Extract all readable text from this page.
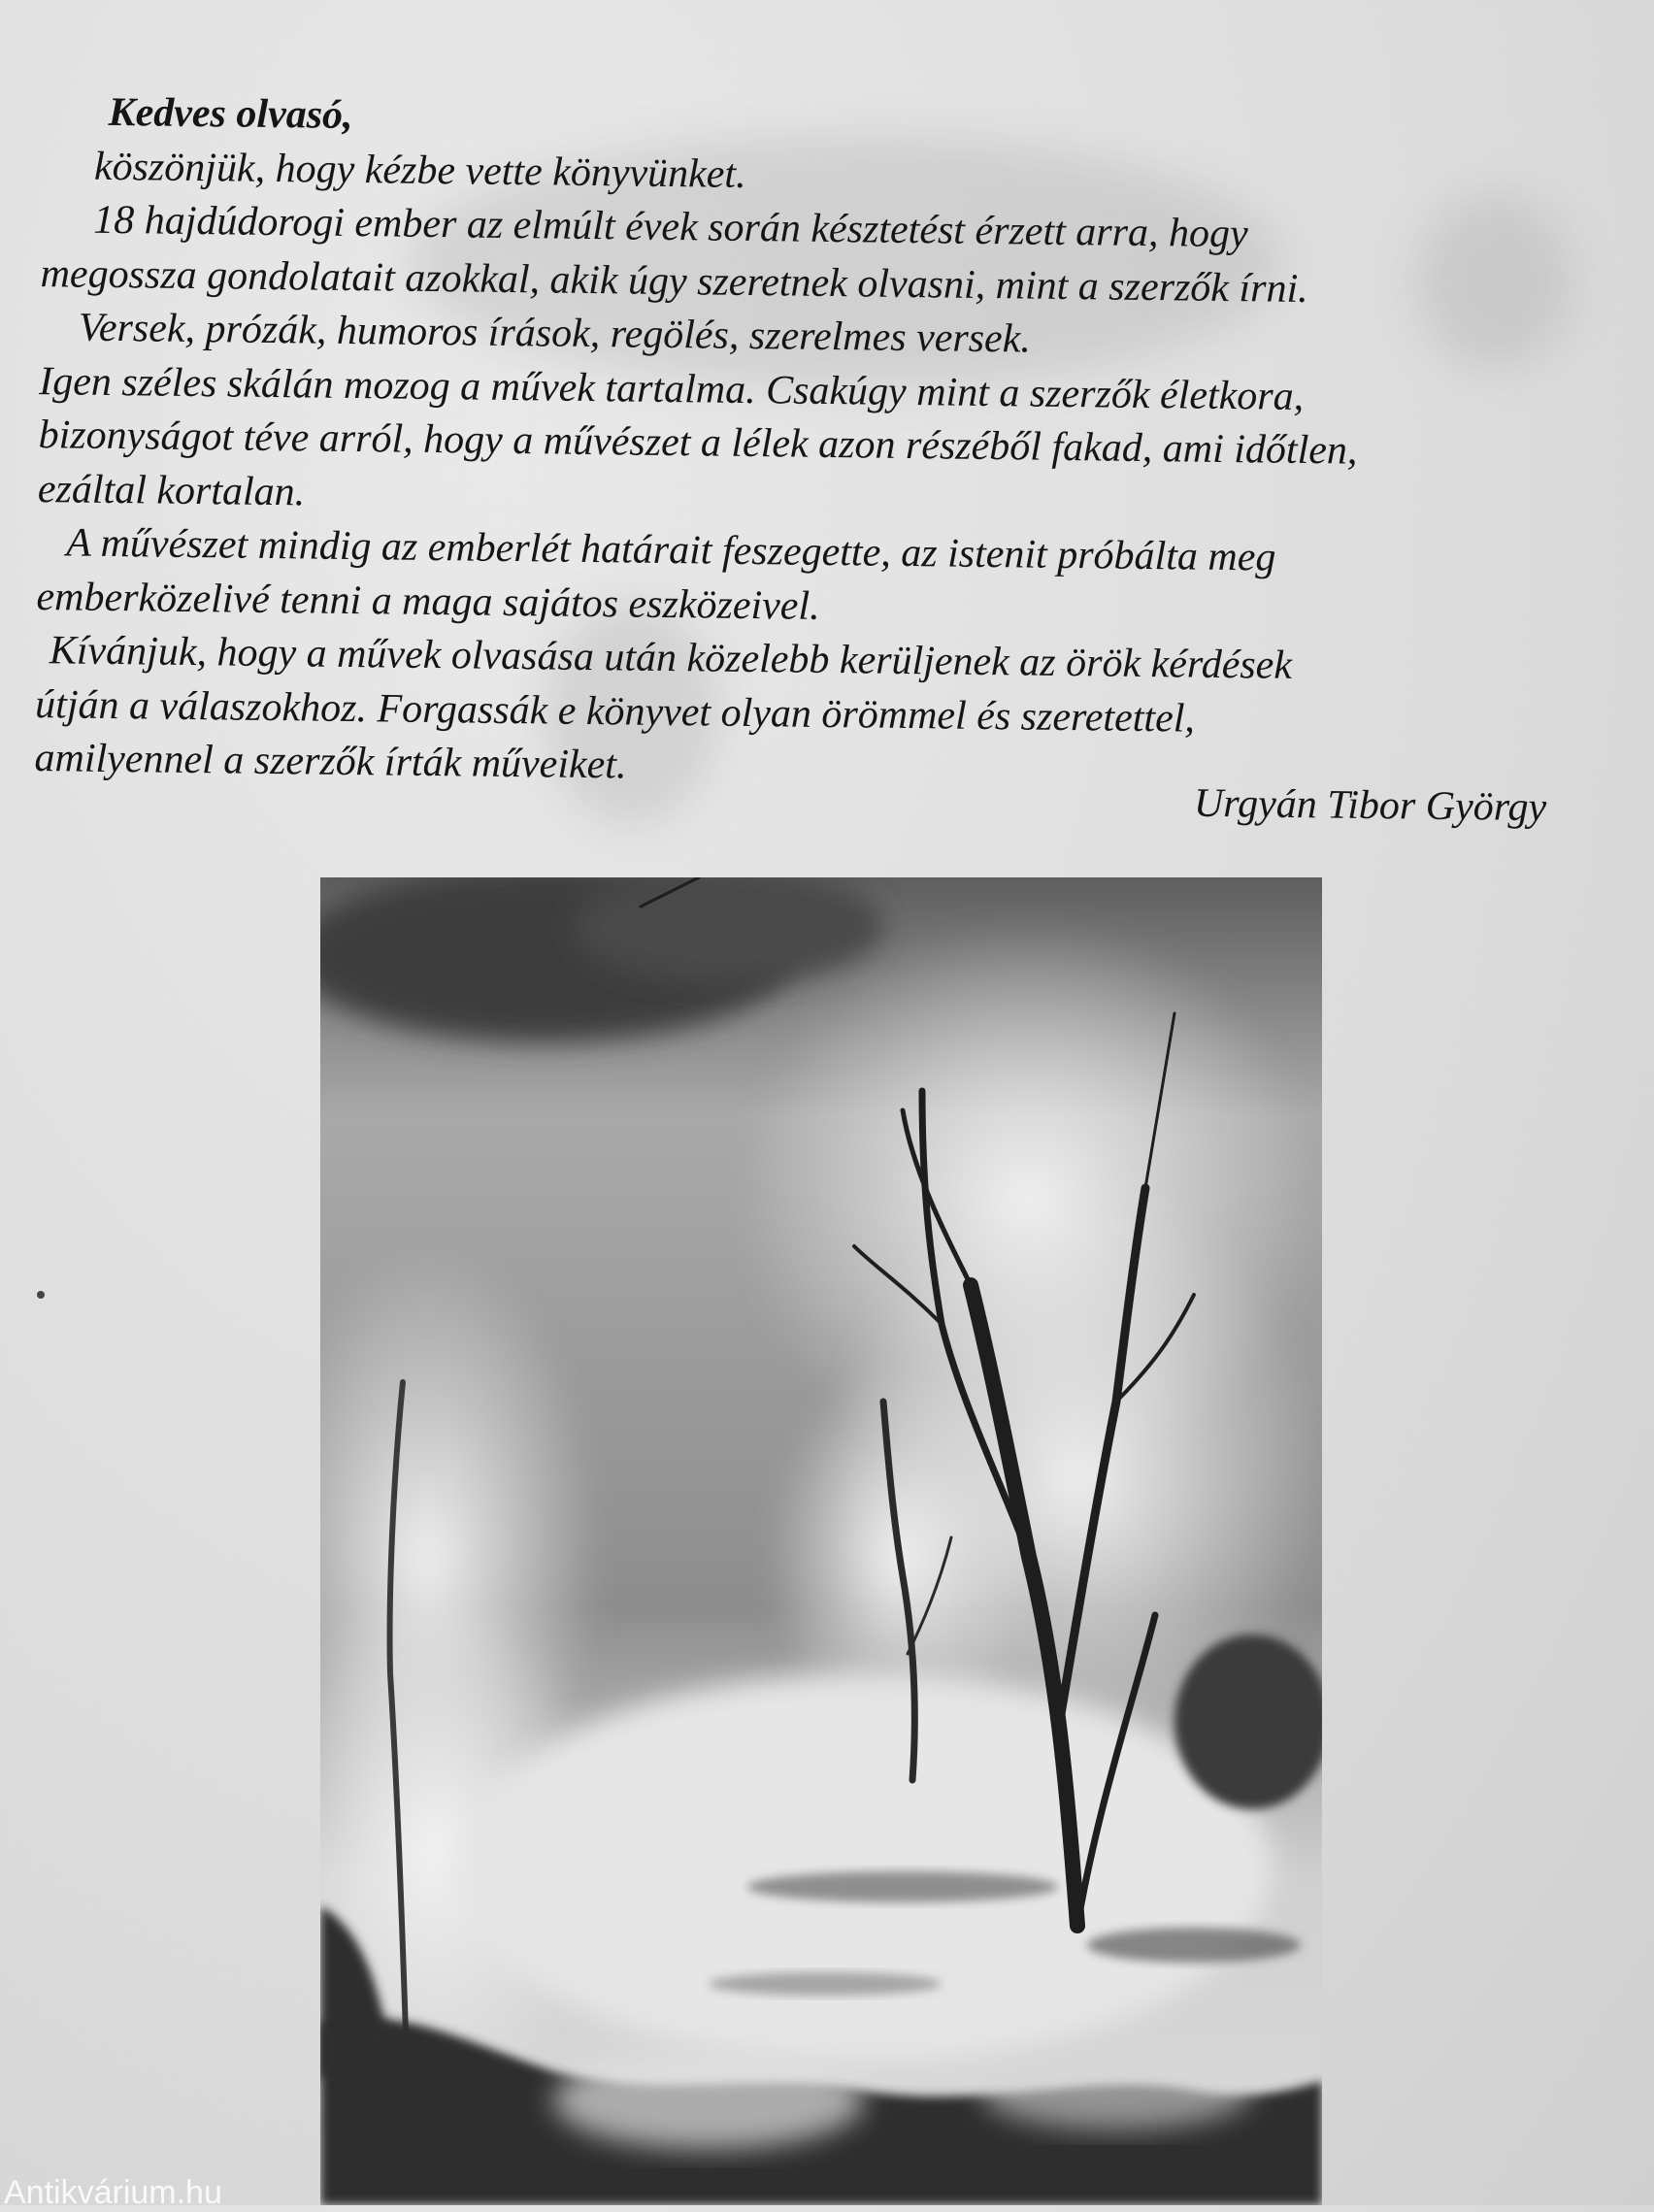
Kedves olvasó,

köszönjük, hogy kézbe vette könyvünket.

18 hajdúdorogi ember az elmúlt évek során késztetést érzett arra, hogy

megossza gondolatait azokkal, akik úgy szeretnek olvasni, mint a szerzők írni.

Versek, prózák, humoros írások, regölés, szerelmes versek.

Igen széles skálán mozog a művek tartalma. Csakúgy mint a szerzők életkora,

bizonyságot téve arról, hogy a művészet a lélek azon részéből fakad, ami időtlen,

ezáltal kortalan.

A művészet mindig az emberlét határait feszegette, az istenit próbálta meg

emberközelivé tenni a maga sajátos eszközeivel.

Kívánjuk, hogy a művek olvasása után közelebb kerüljenek az örök kérdések

útján a válaszokhoz. Forgassák e könyvet olyan örömmel és szeretettel,

amilyennel a szerzők írták műveiket.

Urgyán Tibor György
Antikvárium.hu
